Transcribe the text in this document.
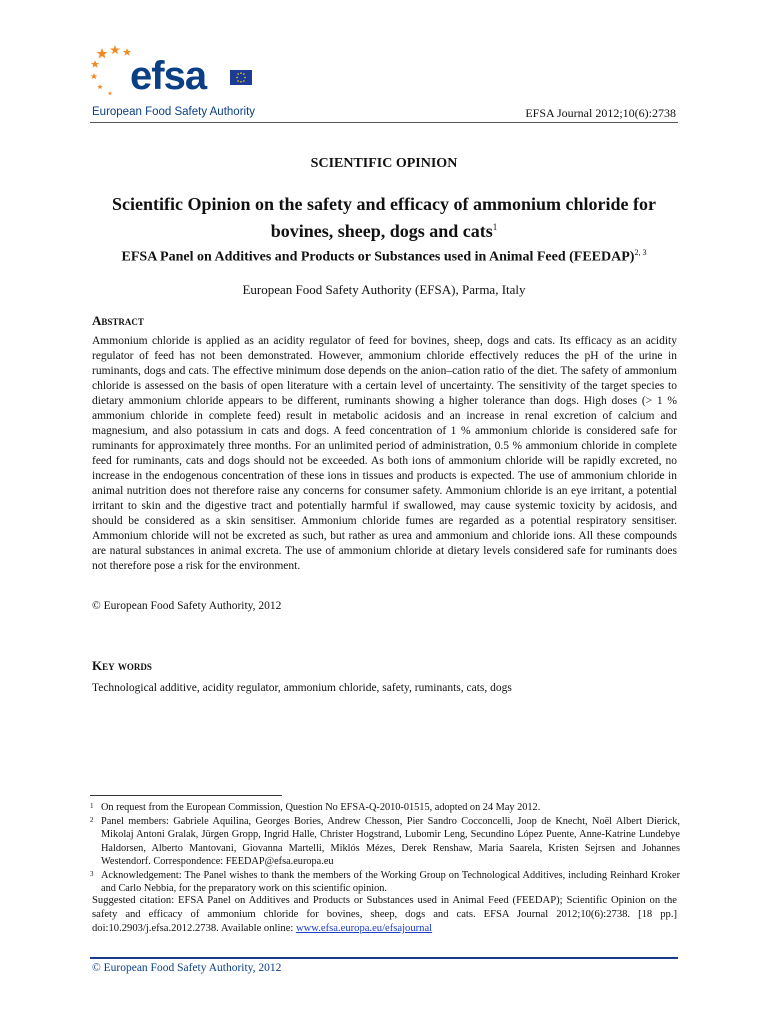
efsa
European Food Safety Authority	EFSA Journal 2012;10(6):2738
SCIENTIFIC OPINION
Scientific Opinion on the safety and efficacy of ammonium chloride for bovines, sheep, dogs and cats$^1$
EFSA Panel on Additives and Products or Substances used in Animal Feed (FEEDAP)$^{2, 3}$
European Food Safety Authority (EFSA), Parma, Italy
Abstract

Ammonium chloride is applied as an acidity regulator of feed for bovines, sheep, dogs and cats. Its efficacy as an acidity regulator of feed has not been demonstrated. However, ammonium chloride effectively reduces the pH of the urine in ruminants, dogs and cats. The effective minimum dose depends on the anion–cation ratio of the diet. The safety of ammonium chloride is assessed on the basis of open literature with a certain level of uncertainty. The sensitivity of the target species to dietary ammonium chloride appears to be different, ruminants showing a higher tolerance than dogs. High doses (> 1 % ammonium chloride in complete feed) result in metabolic acidosis and an increase in renal excretion of calcium and magnesium, and also potassium in cats and dogs. A feed concentration of 1 % ammonium chloride is considered safe for ruminants for approximately three months. For an unlimited period of administration, 0.5 % ammonium chloride in complete feed for ruminants, cats and dogs should not be exceeded. As both ions of ammonium chloride will be rapidly excreted, no increase in the endogenous concentration of these ions in tissues and products is expected. The use of ammonium chloride in animal nutrition does not therefore raise any concerns for consumer safety. Ammonium chloride is an eye irritant, a potential irritant to skin and the digestive tract and potentially harmful if swallowed, may cause systemic toxicity by acidosis, and should be considered as a skin sensitiser. Ammonium chloride fumes are regarded as a potential respiratory sensitiser. Ammonium chloride will not be excreted as such, but rather as urea and ammonium and chloride ions. All these compounds are natural substances in animal excreta. The use of ammonium chloride at dietary levels considered safe for ruminants does not therefore pose a risk for the environment.

© European Food Safety Authority, 2012
Key words
Technological additive, acidity regulator, ammonium chloride, safety, ruminants, cats, dogs
1 On request from the European Commission, Question No EFSA-Q-2010-01515, adopted on 24 May 2012.
2 Panel members: Gabriele Aquilina, Georges Bories, Andrew Chesson, Pier Sandro Cocconcelli, Joop de Knecht, Noël Albert Dierick, Mikolaj Antoni Gralak, Jürgen Gropp, Ingrid Halle, Christer Hogstrand, Lubomir Leng, Secundino López Puente, Anne-Katrine Lundebye Haldorsen, Alberto Mantovani, Giovanna Martelli, Miklós Mézes, Derek Renshaw, Maria Saarela, Kristen Sejrsen and Johannes Westendorf. Correspondence: FEEDAP@efsa.europa.eu
3 Acknowledgement: The Panel wishes to thank the members of the Working Group on Technological Additives, including Reinhard Kroker and Carlo Nebbia, for the preparatory work on this scientific opinion.

Suggested citation: EFSA Panel on Additives and Products or Substances used in Animal Feed (FEEDAP); Scientific Opinion on the safety and efficacy of ammonium chloride for bovines, sheep, dogs and cats. EFSA Journal 2012;10(6):2738. [18 pp.] doi:10.2903/j.efsa.2012.2738. Available online: www.efsa.europa.eu/efsajournal

© European Food Safety Authority, 2012
